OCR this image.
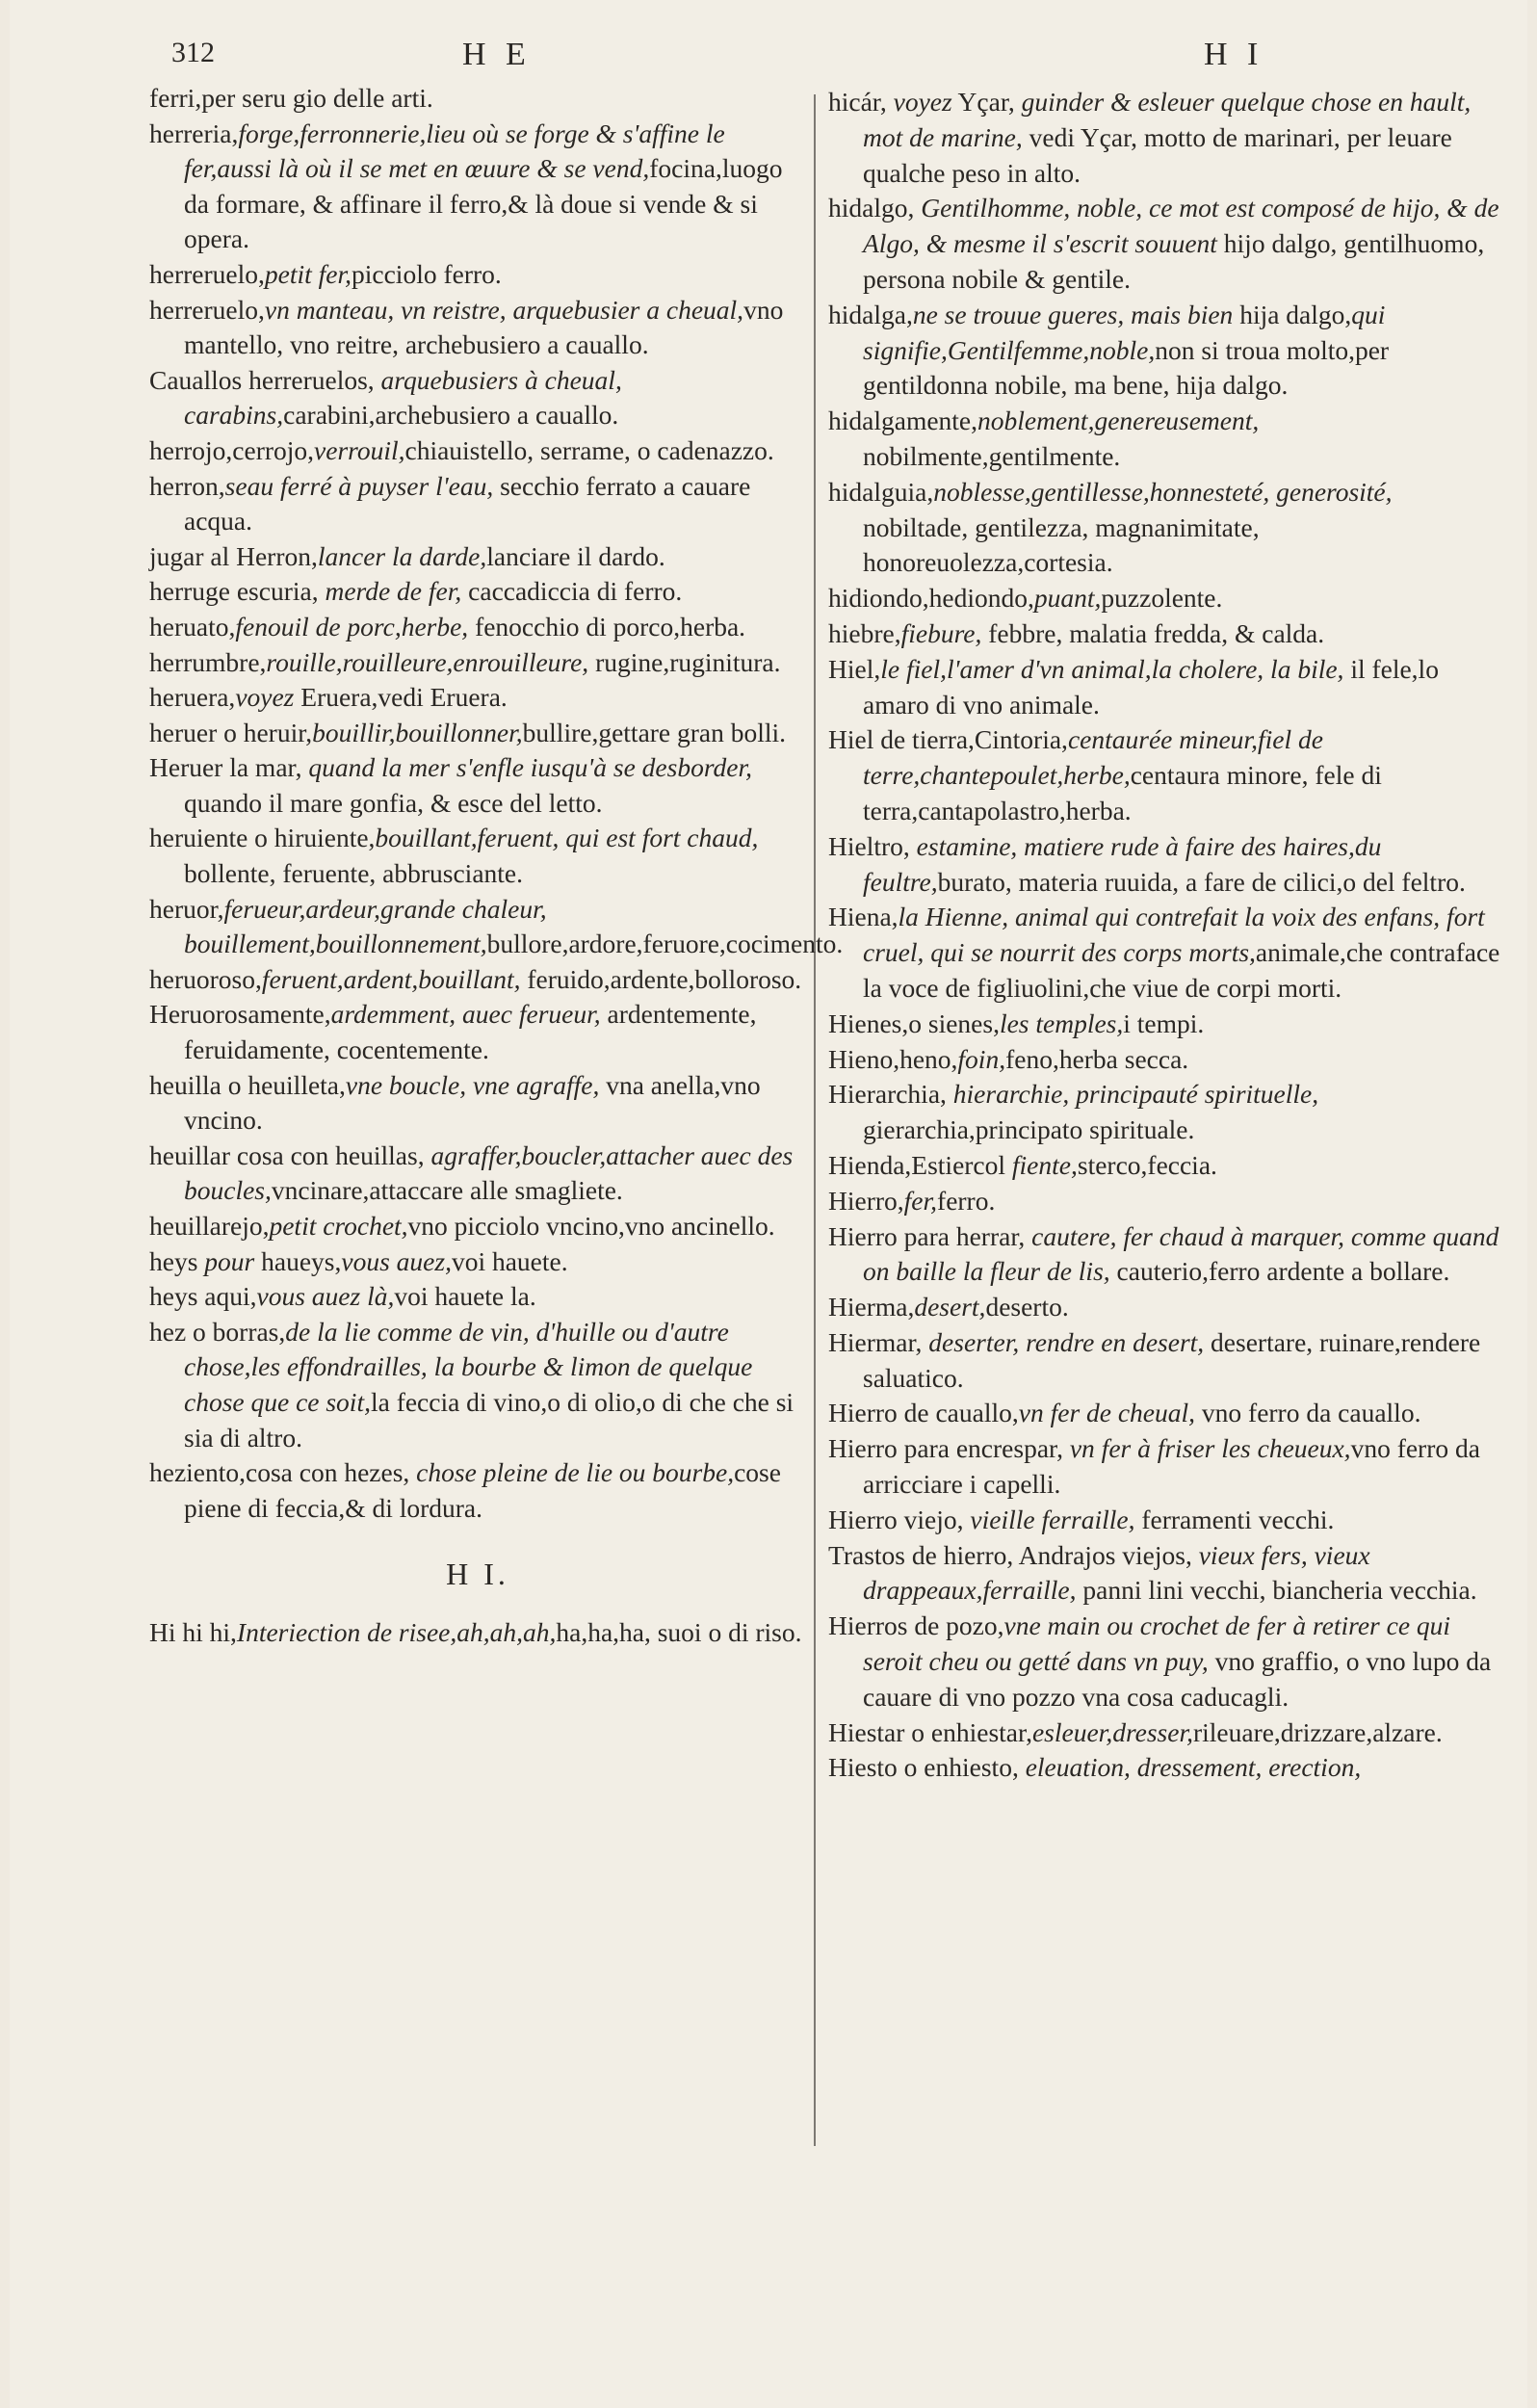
312	H E	H I

ferri,per seru gio delle arti.

herreria,forge,ferronnerie,lieu où se forge & s'affine le fer,aussi là où il se met en œuure & se vend,focina,luogo da formare, & affinare il ferro,& là doue si vende & si opera.

herreruelo,petit fer,picciolo ferro.

herreruelo,vn manteau, vn reistre, arquebusier a cheual,vno mantello, vno reitre, archebusiero a cauallo.

Cauallos herreruelos, arquebusiers à cheual, carabins,carabini,archebusiero a cauallo.

herrojo,cerrojo,verrouil,chiauistello, serrame, o cadenazzo.

herron,seau ferré à puyser l'eau, secchio ferrato a cauare acqua.

jugar al Herron,lancer la darde,lanciare il dardo.

herruge escuria, merde de fer, caccadiccia di ferro.

heruato,fenouil de porc,herbe, fenocchio di porco,herba.

herrumbre,rouille,rouilleure,enrouilleure, rugine,ruginitura.

heruera,voyez Eruera,vedi Eruera.

heruer o heruir,bouillir,bouillonner,bullire,gettare gran bolli.

Heruer la mar, quand la mer s'enfle iusqu'à se desborder, quando il mare gonfia, & esce del letto.

heruiente o hiruiente,bouillant,feruent, qui est fort chaud, bollente, feruente, abbrusciante.

heruor,ferueur,ardeur,grande chaleur, bouillement,bouillonnement,bullore,ardore,feruore,cocimento.

heruoroso,feruent,ardent,bouillant, feruido,ardente,bolloroso.

Heruorosamente,ardemment, auec ferueur, ardentemente, feruidamente, cocentemente.

heuilla o heuilleta,vne boucle, vne agraffe, vna anella,vno vncino.

heuillar cosa con heuillas, agraffer,boucler,attacher auec des boucles,vncinare,attaccare alle smagliete.

heuillarejo,petit crochet,vno picciolo vncino,vno ancinello.

heys pour haueys,vous auez,voi hauete.

heys aqui,vous auez là,voi hauete la.

hez o borras,de la lie comme de vin, d'huille ou d'autre chose,les effondrailles, la bourbe & limon de quelque chose que ce soit,la feccia di vino,o di olio,o di che che si sia di altro.

heziento,cosa con hezes, chose pleine de lie ou bourbe,cose piene di feccia,& di lordura.

H I.

Hi hi hi,Interiection de risee,ah,ah,ah,ha,ha,ha, suoi o di riso.

hicár, voyez Yçar, guinder & esleuer quelque chose en hault, mot de marine, vedi Yçar, motto de marinari, per leuare qualche peso in alto.

hidalgo, Gentilhomme, noble, ce mot est composé de hijo, & de Algo, & mesme il s'escrit souuent hijo dalgo, gentilhuomo, persona nobile & gentile.

hidalga,ne se trouue gueres, mais bien hija dalgo,qui signifie,Gentilfemme,noble,non si troua molto,per gentildonna nobile, ma bene, hija dalgo.

hidalgamente,noblement,genereusement, nobilmente,gentilmente.

hidalguia,noblesse,gentillesse,honnesteté, generosité, nobiltade, gentilezza, magnanimitate, honoreuolezza,cortesia.

hidiondo,hediondo,puant,puzzolente.

hiebre,fiebure, febbre, malatia fredda, & calda.

Hiel,le fiel,l'amer d'vn animal,la cholere, la bile, il fele,lo amaro di vno animale.

Hiel de tierra,Cintoria,centaurée mineur,fiel de terre,chantepoulet,herbe,centaura minore, fele di terra,cantapolastro,herba.

Hieltro, estamine, matiere rude à faire des haires,du feultre,burato, materia ruuida, a fare de cilici,o del feltro.

Hiena,la Hienne, animal qui contrefait la voix des enfans, fort cruel, qui se nourrit des corps morts,animale,che contraface la voce de figliuolini,che viue de corpi morti.

Hienes,o sienes,les temples,i tempi.

Hieno,heno,foin,feno,herba secca.

Hierarchia, hierarchie, principauté spirituelle, gierarchia,principato spirituale.

Hienda,Estiercol fiente,sterco,feccia.

Hierro,fer,ferro.

Hierro para herrar, cautere, fer chaud à marquer, comme quand on baille la fleur de lis, cauterio,ferro ardente a bollare.

Hierma,desert,deserto.

Hiermar, deserter, rendre en desert, desertare, ruinare,rendere saluatico.

Hierro de cauallo,vn fer de cheual, vno ferro da cauallo.

Hierro para encrespar, vn fer à friser les cheueux,vno ferro da arricciare i capelli.

Hierro viejo, vieille ferraille, ferramenti vecchi.

Trastos de hierro, Andrajos viejos, vieux fers, vieux drappeaux,ferraille, panni lini vecchi, biancheria vecchia.

Hierros de pozo,vne main ou crochet de fer à retirer ce qui seroit cheu ou getté dans vn puy, vno graffio, o vno lupo da cauare di vno pozzo vna cosa caducagli.

Hiestar o enhiestar,esleuer,dresser,rileuare,drizzare,alzare.

Hiesto o enhiesto, eleuation, dressement, erection,
